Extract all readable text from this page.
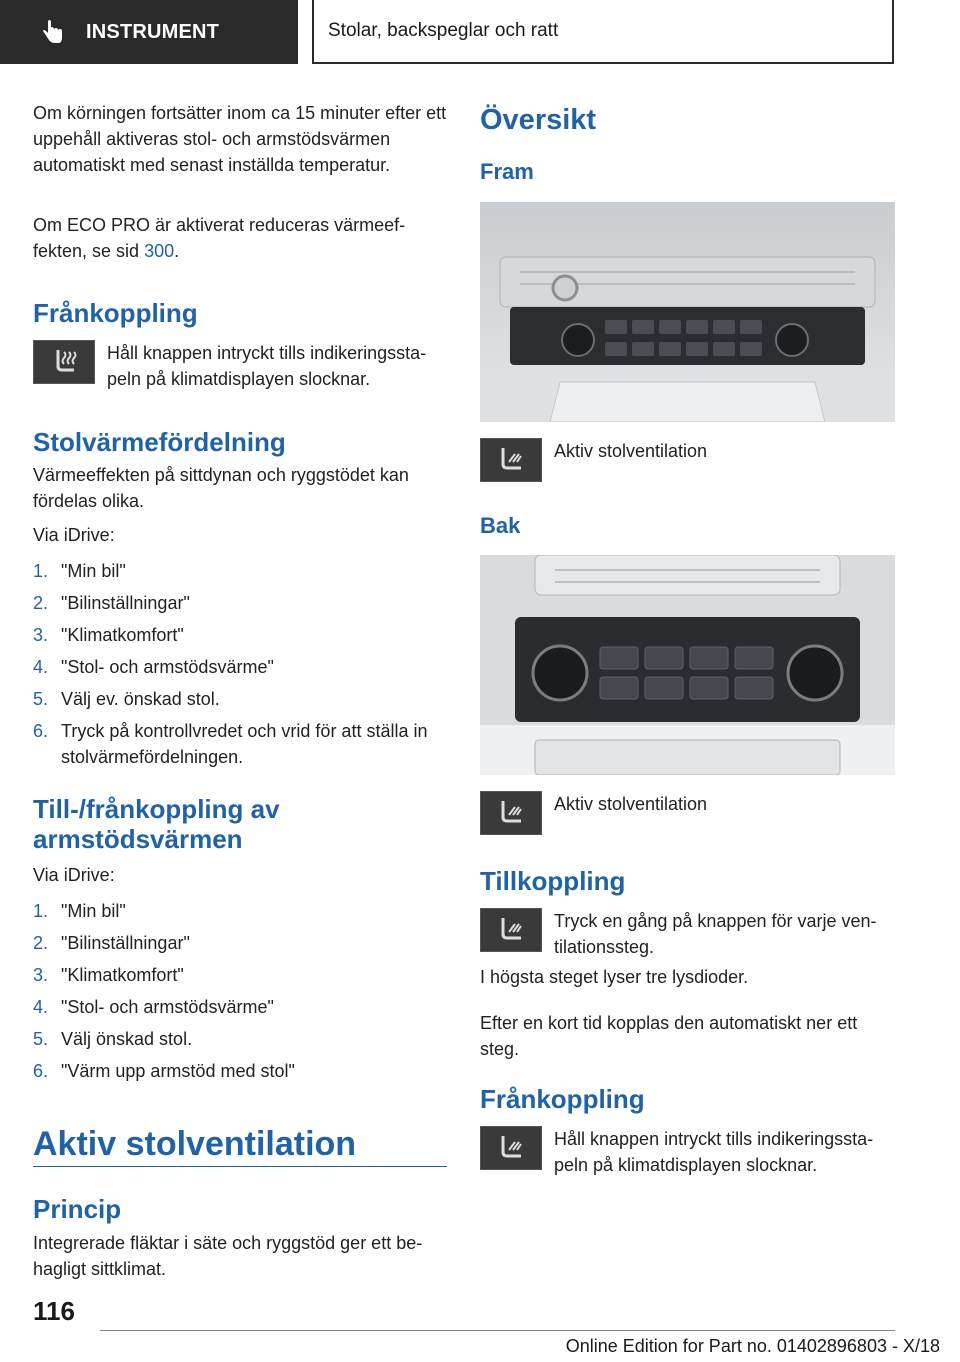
INSTRUMENT	Stolar, backspeglar och ratt

Om körningen fortsätter inom ca 15 minuter efter ett uppehåll aktiveras stol- och armstödsvärmen automatiskt med senast inställda temperatur.

Om ECO PRO är aktiverat reduceras värmeeffekten, se sid 300.

Frånkoppling
Håll knappen intryckt tills indikeringsstapeln på klimatdisplayen slocknar.
Stolvärmefördelning

Värmeeffekten på sittdynan och ryggstödet kan fördelas olika.

Via iDrive:

1. "Min bil"
2. "Bilinställningar"
3. "Klimatkomfort"
4. "Stol- och armstödsvärme"
5. Välj ev. önskad stol.
6. Tryck på kontrollvredet och vrid för att ställa in stolvärmefördelningen.
Till-/frånkoppling av armstödsvärmen

Via iDrive:

1. "Min bil"
2. "Bilinställningar"
3. "Klimatkomfort"
4. "Stol- och armstödsvärme"
5. Välj önskad stol.
6. "Värm upp armstöd med stol"
Aktiv stolventilation
Princip

Integrerade fläktar i säte och ryggstöd ger ett behagligt sittklimat.

Översikt
Fram
Aktiv stolventilation
Bak
Aktiv stolventilation
Tillkoppling
Tryck en gång på knappen för varje ventilationssteg.

I högsta steget lyser tre lysdioder.

Efter en kort tid kopplas den automatiskt ner ett steg.

Frånkoppling
Håll knappen intryckt tills indikeringsstapeln på klimatdisplayen slocknar.
116
Online Edition for Part no. 01402896803 - X/18
